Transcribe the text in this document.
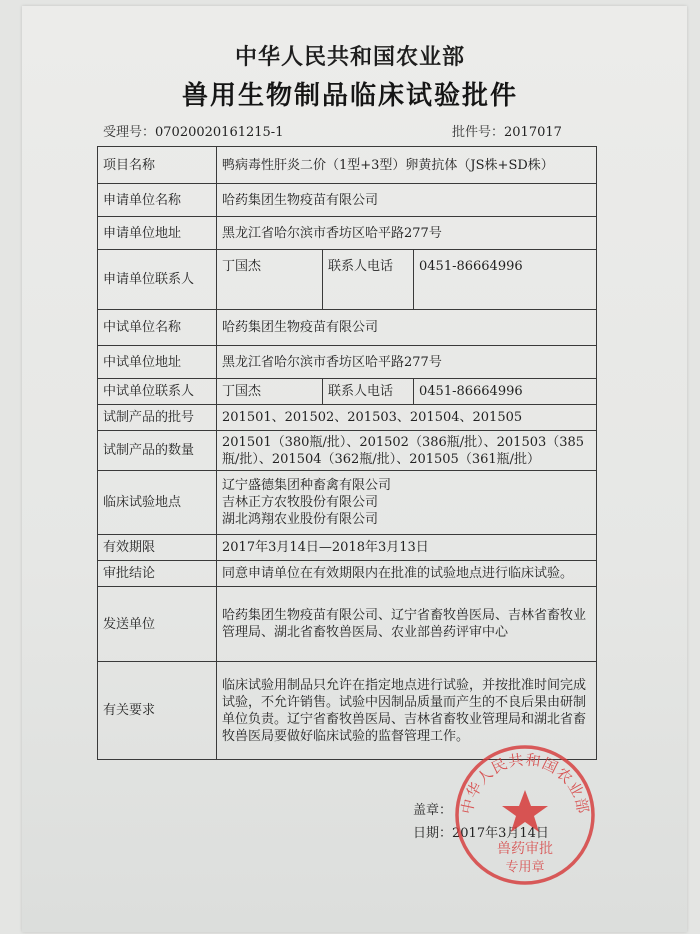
中华人民共和国农业部
兽用生物制品临床试验批件
受理号：07020020161215-1	批件号：2017017
项目名称	鸭病毒性肝炎二价（1型+3型）卵黄抗体（JS株+SD株）		
申请单位名称	哈药集团生物疫苗有限公司		
申请单位地址	黑龙江省哈尔滨市香坊区哈平路277号		
申请单位联系人	丁国杰	联系人电话	0451-86664996
中试单位名称	哈药集团生物疫苗有限公司		
中试单位地址	黑龙江省哈尔滨市香坊区哈平路277号		
中试单位联系人	丁国杰	联系人电话	0451-86664996
试制产品的批号	201501、201502、201503、201504、201505		
试制产品的数量	201501（380瓶/批）、201502（386瓶/批）、201503（385瓶/批）、201504（362瓶/批）、201505（361瓶/批）		
临床试验地点	辽宁盛德集团种畜禽有限公司
吉林正方农牧股份有限公司
湖北鸿翔农业股份有限公司		

有效期限	2017年3月14日—2018年3月13日		
审批结论	同意申请单位在有效期限内在批准的试验地点进行临床试验。		
发送单位	哈药集团生物疫苗有限公司、辽宁省畜牧兽医局、吉林省畜牧业管理局、湖北省畜牧兽医局、农业部兽药评审中心		
有关要求	临床试验用制品只允许在指定地点进行试验，并按批准时间完成试验，不允许销售。试验中因制品质量而产生的不良后果由研制单位负责。辽宁省畜牧兽医局、吉林省畜牧业管理局和湖北省畜牧兽医局要做好临床试验的监督管理工作。		
盖章：
日期：2017年3月14日
中华人民共和国农业部
兽药审批
专用章
